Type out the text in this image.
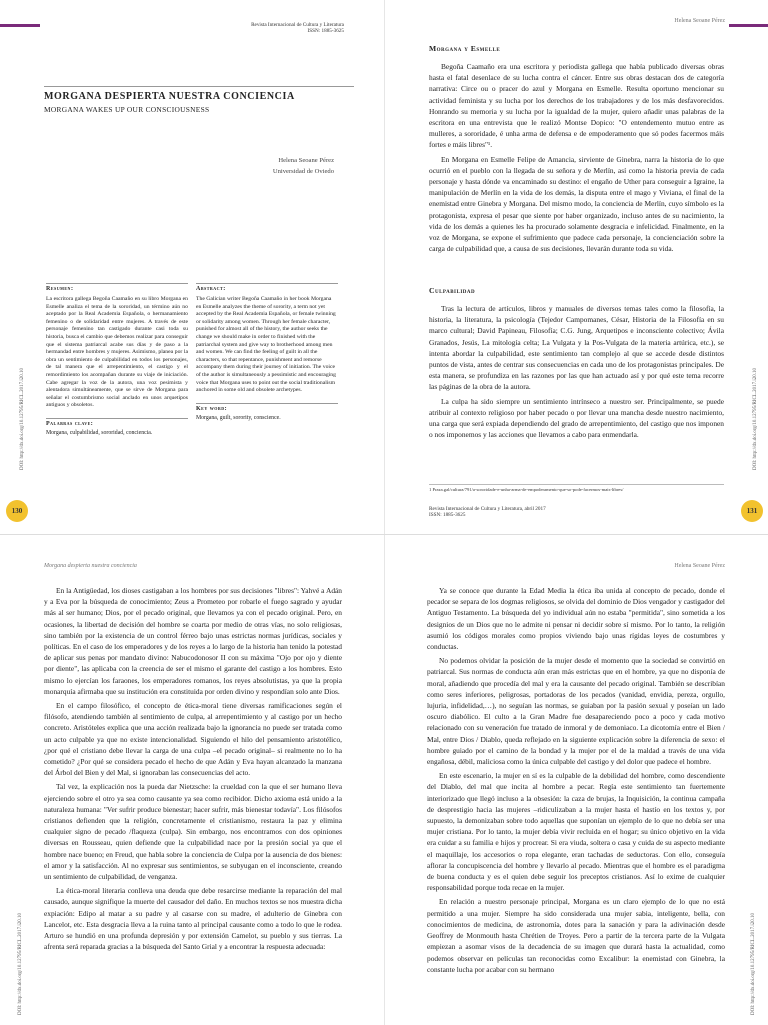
Revista Internacional de Cultura y Literatura
ISSN: 1885-3625
MORGANA DESPIERTA NUESTRA CONCIENCIA
MORGANA WAKES UP OUR CONSCIOUSNESS
Helena Seoane Pérez
Universidad de Oviedo
Resumen:
La escritora gallega Begoña Caamaño en su libro Morgana en Esmelle analiza el tema de la sororidad, un término aún no aceptado por la Real Academia Española, o hermanamiento femenino o de solidaridad entre mujeres. A través de este personaje femenino tan castigado durante casi toda su historia, busca el cambio que debemos realizar para conseguir que el sistema patriarcal acabe sus días y de paso a la hermandad entre hombres y mujeres. Asimismo, planea por la obra un sentimiento de culpabilidad en todos los personajes, de tal manera que el arrepentimiento, el castigo y el remordimiento los acompañan durante su viaje de iniciación. Cabe agregar la voz de la autora, una voz pesimista y alentadora simultáneamente, que se sirve de Morgana para señalar el costumbrismo social anclado en unos arquetipos antiguos y obsoletos.
Palabras clave:
Morgana, culpabilidad, sororidad, conciencia.
Abstract:
The Galician writer Begoña Caamaño in her book Morgana en Esmelle analyzes the theme of sorority, a term not yet accepted by the Real Academia Española, or female twinning or solidarity among women. Through her female character, punished for almost all of the history, the author seeks the change we should make in order to finished with the patriarchal system and give way to brotherhood among men and women. We can find the feeling of guilt in all the characters, so that repentance, punishment and remorse accompany them during their journey of initiation. The voice of the author is simultaneously a pessimistic and encouraging voice that Morgana uses to point out the social traditionalism anchored in some old and obsolete archetypes.
Key word:
Morgana, guilt, sorority, conscience.
DOI: http://dx.doi.org/10.12795/RICL.2017.i20.10
130
Helena Seoane Pérez
Morgana y Esmelle

Begoña Caamaño era una escritora y periodista gallega que había publicado diversas obras hasta el fatal desenlace de su lucha contra el cáncer. Entre sus obras destacan dos de categoría narrativa: Circe ou o pracer do azul y Morgana en Esmelle. Resulta oportuno mencionar su actividad feminista y su lucha por los derechos de los trabajadores y de los más desfavorecidos. Honrando su memoria y su lucha por la igualdad de la mujer, quiero añadir unas palabras de la escritora en una entrevista que le realizó Montse Dopico: "O entendemento mutuo entre as mulleres, a sororidade, é unha arma de defensa e de empoderamento que só podes facermos máis fortes e máis libres"¹.

En Morgana en Esmelle Felipe de Amancia, sirviente de Ginebra, narra la historia de lo que ocurrió en el pueblo con la llegada de su señora y de Merlín, así como la historia previa de cada personaje y hasta dónde va encaminado su destino: el engaño de Uther para conseguir a Igraine, la manipulación de Merlín en la vida de los demás, la disputa entre el mago y Viviana, el final de la enemistad entre Ginebra y Morgana. Del mismo modo, la conciencia de Merlín, cuyo símbolo es la protagonista, expresa el pesar que siente por haber organizado, incluso antes de su nacimiento, la vida de los demás a quienes les ha procurado solamente desgracia e infelicidad. Finalmente, en la voz de Morgana, se expone el sufrimiento que padece cada personaje, la concienciación sobre la carga de culpabilidad que, a causa de sus decisiones, llevarán durante toda su vida.

Culpabilidad

Tras la lectura de artículos, libros y manuales de diversos temas tales como la filosofía, la historia, la literatura, la psicología (Tejedor Campomanes, César, Historia de la Filosofía en su marco cultural; David Papineau, Filosofía; C.G. Jung, Arquetipos e inconsciente colectivo; Ávila Granados, Jesús, La mitología celta; La Vulgata y la Pos-Vulgata de la materia artúrica, etc.), se intenta abordar la culpabilidad, este sentimiento tan complejo al que se accede desde distintos puntos de vista, antes de centrar sus consecuencias en cada uno de los protagonistas principales. De esta manera, se profundiza en las razones por las que han actuado así y por qué este tema recorre las páginas de la obra de la autora.

La culpa ha sido siempre un sentimiento intrínseco a nuestro ser. Principalmente, se puede atribuir al contexto religioso por haber pecado o por llevar una mancha desde nuestro nacimiento, una carga que será expiada dependiendo del grado de arrepentimiento, del castigo que nos imponen o nos imponemos y las acciones que llevamos a cabo para enmendarla.

1 Praza.gal/cultura/791/a-sororidade-e-unha-arma-de-empoderamento-que-so-pode-facermos-mais-libres/
Revista Internacional de Cultura y Literatura, abril 2017
ISSN: 1885-3625
DOI: http://dx.doi.org/10.12795/RICL.2017.i20.10
131
Morgana despierta nuestra conciencia

En la Antigüedad, los dioses castigaban a los hombres por sus decisiones "libres": Yahvé a Adán y a Eva por la búsqueda de conocimiento; Zeus a Prometeo por robarle el fuego sagrado y ayudar más al ser humano; Dios, por el pecado original, que llevamos ya con el pecado original. Pero, en ocasiones, la libertad de decisión del hombre se coarta por medio de otras vías, no solo religiosas, sino también por la existencia de un control férreo bajo unas estrictas normas jurídicas, sociales y políticas. En el caso de los emperadores y de los reyes a lo largo de la historia han tenido la potestad de aplicar sus penas por mandato divino: Nabucodonosor II con su máxima "Ojo por ojo y diente por diente", las aplicaba con la creencia de ser el mismo el garante del castigo a los hombres. Esto mismo lo ejercían los faraones, los emperadores romanos, los reyes absolutistas, ya que la propia monarquía afirmaba que su institución era constituida por orden divino y respondían solo ante Dios.

En el campo filosófico, el concepto de ética-moral tiene diversas ramificaciones según el filósofo, atendiendo también al sentimiento de culpa, al arrepentimiento y al castigo por un hecho concreto. Aristóteles explica que una acción realizada bajo la ignorancia no puede ser tratada como un acto culpable ya que no existe intencionalidad. Siguiendo el hilo del pensamiento aristotélico, ¿por qué el cristiano debe llevar la carga de una culpa –el pecado original– si realmente no lo ha cometido? ¿Por qué se considera pecado el hecho de que Adán y Eva hayan alcanzado la manzana del Árbol del Bien y del Mal, si ignoraban las consecuencias del acto.

Tal vez, la explicación nos la pueda dar Nietzsche: la crueldad con la que el ser humano lleva ejerciendo sobre el otro ya sea como causante ya sea como recibidor. Dicho axioma está unido a la naturaleza humana: "Ver sufrir produce bienestar; hacer sufrir, más bienestar todavía". Los filósofos cristianos defienden que la religión, concretamente el cristianismo, restaura la paz y elimina cualquier signo de pecado /flaqueza (culpa). Sin embargo, nos encontramos con dos opiniones diversas en Rousseau, quien defiende que la culpabilidad nace por la presión social ya que el hombre nace bueno; en Freud, que habla sobre la conciencia de Culpa por la ausencia de dos bienes: el amor y la satisfacción. Al no expresar sus sentimientos, se subyugan en el inconsciente, creando un sentimiento de culpabilidad, de venganza.

La ética-moral literaria conlleva una deuda que debe resarcirse mediante la reparación del mal causado, aunque signifique la muerte del causador del daño. En muchos textos se nos muestra dicha expiación: Edipo al matar a su padre y al casarse con su madre, el adulterio de Ginebra con Lancelot, etc. Esta desgracia lleva a la ruina tanto al principal causante como a todo lo que le rodea. Arturo se hundió en una profunda depresión y por extensión Camelot, su pueblo y sus tierras. La afrenta será reparada gracias a la búsqueda del Santo Grial y a encontrar la respuesta adecuada:

DOI: http://dx.doi.org/10.12795/RICL.2017.i20.10
Helena Seoane Pérez

Ya se conoce que durante la Edad Media la ética iba unida al concepto de pecado, donde el pecador se separa de los dogmas religiosos, se olvida del dominio de Dios vengador y castigador del Antiguo Testamento. La búsqueda del yo individual aún no estaba "permitida", sino sometida a los designios de un Dios que no le admite ni pensar ni decidir sobre sí mismo. Por lo tanto, la religión asumió los códigos morales como propios viviendo bajo unas rígidas leyes de costumbres y conductas.

No podemos olvidar la posición de la mujer desde el momento que la sociedad se convirtió en patriarcal. Sus normas de conducta aún eran más estrictas que en el hombre, ya que no disponía de moral, añadiendo que procedía del mal y era la causante del pecado original. También se describían como seres inferiores, peligrosas, portadoras de los pecados (vanidad, envidia, pereza, orgullo, lujuria, infidelidad,…), no seguían las normas, se guiaban por la pasión sexual y poseían un lado oscuro diabólico. El culto a la Gran Madre fue desapareciendo poco a poco y cada motivo relacionado con su veneración fue tratado de inmoral y de demoniaco. La dicotomía entre el Bien / Mal, entre Dios / Diablo, queda reflejado en la siguiente explicación sobre la diferencia de sexo: el hombre guiado por el camino de la bondad y la mujer por el de la maldad a través de una vida engañosa, débil, maliciosa como la única culpable del castigo y del dolor que padece el hombre.

En este escenario, la mujer en sí es la culpable de la debilidad del hombre, como descendiente del Diablo, del mal que incita al hombre a pecar. Regía este sentimiento tan fuertemente interiorizado que llegó incluso a la obsesión: la caza de brujas, la Inquisición, la continua campaña de desprestigio hacia las mujeres –ridiculizaban a la mujer hasta el hastío en los textos y, por supuesto, la demonizaban sobre todo aquellas que suponían un ejemplo de lo que no debía ser una mujer cristiana. Por lo tanto, la mujer debía vivir recluida en el hogar; su único objetivo en la vida era cuidar a su familia e hijos y procrear. Si era viuda, soltera o casa y cuida de su aspecto mediante el maquillaje, los accesorios o ropa elegante, eran tachadas de seductoras. Con ello, conseguía aflorar la concupiscencia del hombre y llevarlo al pecado. Mientras que el hombre es el paradigma de buena conducta y es el quien debe seguir los preceptos cristianos. Así lo exime de cualquier responsabilidad porque toda recae en la mujer.

En relación a nuestro personaje principal, Morgana es un claro ejemplo de lo que no está permitido a una mujer. Siempre ha sido considerada una mujer sabia, inteligente, bella, con conocimientos de medicina, de astronomía, dotes para la sanación y para la adivinación desde Geoffrey de Monmouth hasta Chrétien de Troyes. Pero a partir de la tercera parte de la Vulgata empiezan a asomar visos de la decadencia de su imagen que durará hasta la actualidad, como podemos observar en películas tan reconocidas como Excalibur: la enemistad con Ginebra, la constante lucha por acabar con su hermano	DOI: http://dx.doi.org/10.12795/RICL.2017.i20.10
